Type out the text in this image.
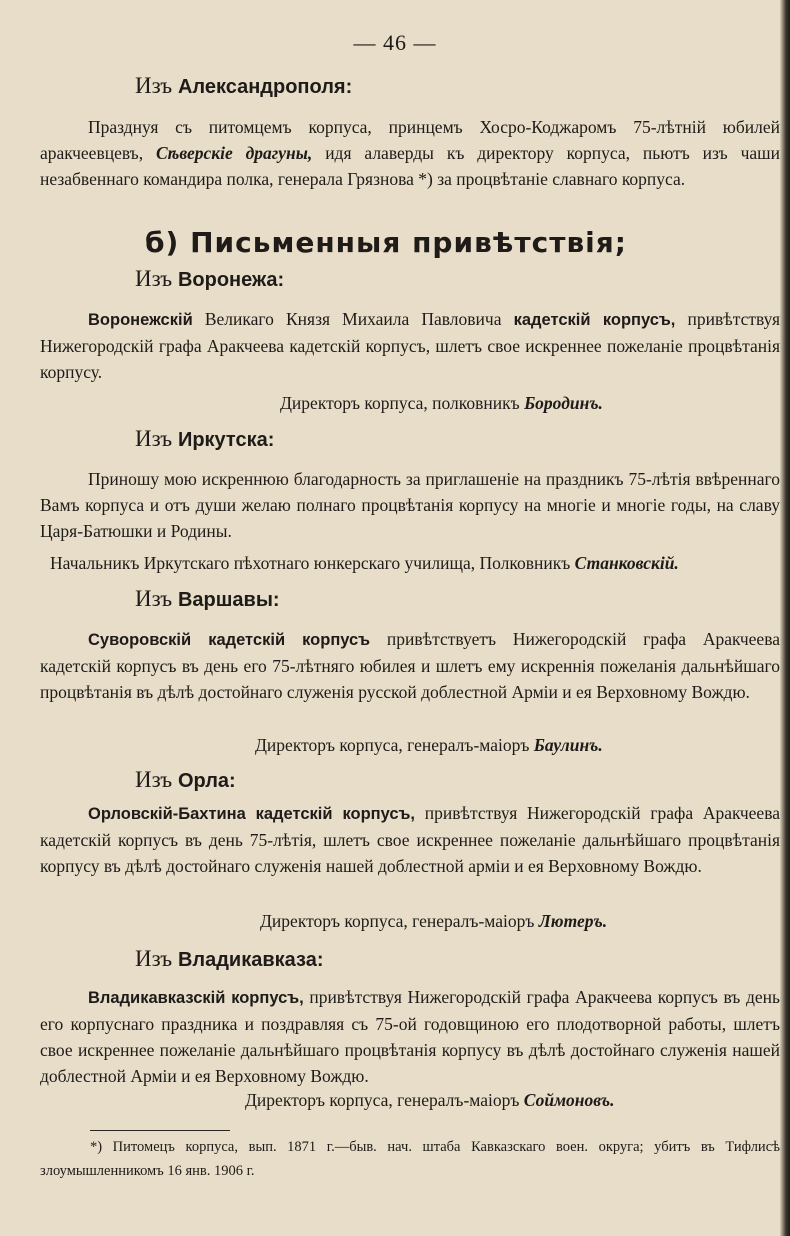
— 46 —
Изъ Александрополя:
Празднуя съ питомцемъ корпуса, принцемъ Хосро-Коджаромъ 75-лѣтній юбилей аракчеевцевъ, Сѣверскіе драгуны, идя алаверды къ директору корпуса, пьютъ изъ чаши незабвеннаго командира полка, генерала Грязнова *) за процвѣтаніе славнаго корпуса.
б) Письменныя привѣтствія;
Изъ Воронежа:
Воронежскій Великаго Князя Михаила Павловича кадетскій корпусъ, привѣтствуя Нижегородскій графа Аракчеева кадетскій корпусъ, шлетъ свое искреннее пожеланіе процвѣтанія корпусу.
Директоръ корпуса, полковникъ Бородинъ.
Изъ Иркутска:
Приношу мою искреннюю благодарность за приглашеніе на праздникъ 75-лѣтія ввѣреннаго Вамъ корпуса и отъ души желаю полнаго процвѣтанія корпусу на многіе и многіе годы, на славу Царя-Батюшки и Родины.
Начальникъ Иркутскаго пѣхотнаго юнкерскаго училища, Полковникъ Станковскій.
Изъ Варшавы:
Суворовскій кадетскій корпусъ привѣтствуетъ Нижегородскій графа Аракчеева кадетскій корпусъ въ день его 75-лѣтняго юбилея и шлетъ ему искреннія пожеланія дальнѣйшаго процвѣтанія въ дѣлѣ достойнаго служенія русской доблестной Арміи и ея Верховному Вождю.
Директоръ корпуса, генералъ-маіоръ Баулинъ.
Изъ Орла:
Орловскій-Бахтина кадетскій корпусъ, привѣтствуя Нижегородскій графа Аракчеева кадетскій корпусъ въ день 75-лѣтія, шлетъ свое искреннее пожеланіе дальнѣйшаго процвѣтанія корпусу въ дѣлѣ достойнаго служенія нашей доблестной арміи и ея Верховному Вождю.
Директоръ корпуса, генералъ-маіоръ Лютеръ.
Изъ Владикавказа:
Владикавказскій корпусъ, привѣтствуя Нижегородскій графа Аракчеева корпусъ въ день его корпуснаго праздника и поздравляя съ 75-ой годовщиною его плодотворной работы, шлетъ свое искреннее пожеланіе дальнѣйшаго процвѣтанія корпусу въ дѣлѣ достойнаго служенія нашей доблестной Арміи и ея Верховному Вождю.
Директоръ корпуса, генералъ-маіоръ Соймоновъ.
*) Питомецъ корпуса, вып. 1871 г.—быв. нач. штаба Кавказскаго воен. округа; убитъ въ Тифлисѣ злоумышленникомъ 16 янв. 1906 г.
